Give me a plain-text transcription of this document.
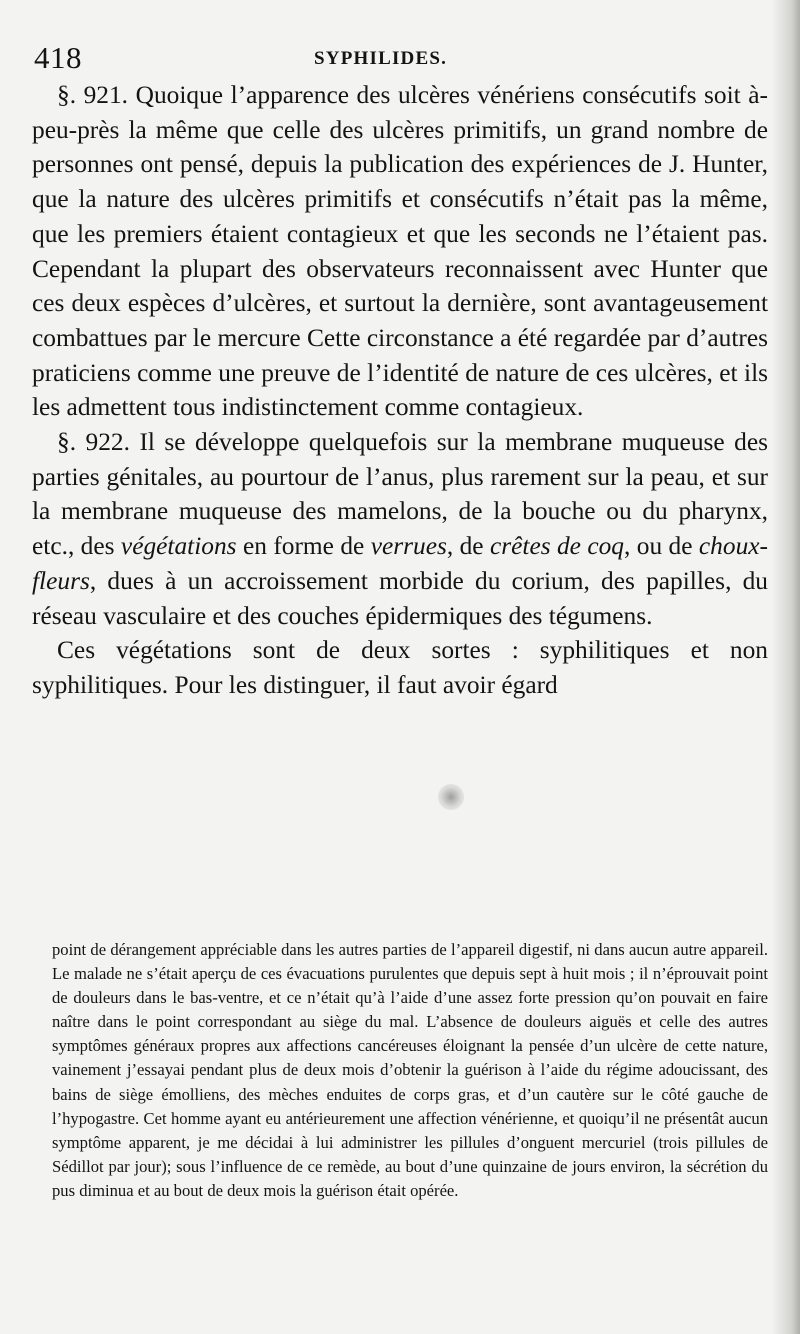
418	SYPHILIDES.

§. 921. Quoique l’apparence des ulcères vénériens consécutifs soit à-peu-près la même que celle des ulcères primitifs, un grand nombre de personnes ont pensé, depuis la publication des expériences de J. Hunter, que la nature des ulcères primitifs et consécutifs n’était pas la même, que les premiers étaient contagieux et que les seconds ne l’étaient pas. Cependant la plupart des observateurs reconnaissent avec Hunter que ces deux espèces d’ulcères, et surtout la dernière, sont avantageusement combattues par le mercure Cette circonstance a été regardée par d’autres praticiens comme une preuve de l’identité de nature de ces ulcères, et ils les admettent tous indistinctement comme contagieux.

§. 922. Il se développe quelquefois sur la membrane muqueuse des parties génitales, au pourtour de l’anus, plus rarement sur la peau, et sur la membrane muqueuse des mamelons, de la bouche ou du pharynx, etc., des végétations en forme de verrues, de crêtes de coq, ou de choux-fleurs, dues à un accroissement morbide du corium, des papilles, du réseau vasculaire et des couches épidermiques des tégumens.

Ces végétations sont de deux sortes : syphilitiques et non syphilitiques. Pour les distinguer, il faut avoir égard

point de dérangement appréciable dans les autres parties de l’appareil digestif, ni dans aucun autre appareil. Le malade ne s’était aperçu de ces évacuations purulentes que depuis sept à huit mois ; il n’éprouvait point de douleurs dans le bas-ventre, et ce n’était qu’à l’aide d’une assez forte pression qu’on pouvait en faire naître dans le point correspondant au siège du mal. L’absence de douleurs aiguës et celle des autres symptômes généraux propres aux affections cancéreuses éloignant la pensée d’un ulcère de cette nature, vainement j’essayai pendant plus de deux mois d’obtenir la guérison à l’aide du régime adoucissant, des bains de siège émolliens, des mèches enduites de corps gras, et d’un cautère sur le côté gauche de l’hypogastre. Cet homme ayant eu antérieurement une affection vénérienne, et quoiqu’il ne présentât aucun symptôme apparent, je me décidai à lui administrer les pillules d’onguent mercuriel (trois pillules de Sédillot par jour); sous l’influence de ce remède, au bout d’une quinzaine de jours environ, la sécrétion du pus diminua et au bout de deux mois la guérison était opérée.
